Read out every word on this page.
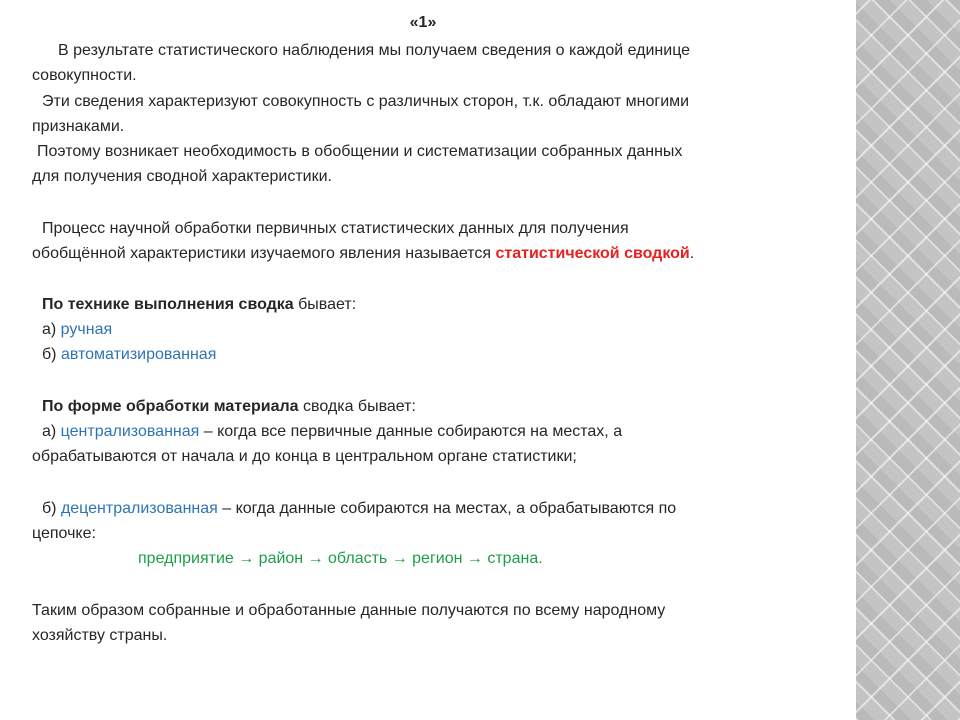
«1»
В результате статистического наблюдения мы получаем сведения о каждой единице
совокупности.
Эти сведения характеризуют совокупность с различных сторон, т.к. обладают многими
признаками.
Поэтому возникает необходимость в обобщении и систематизации собранных данных
для получения сводной характеристики.
Процесс научной обработки первичных статистических данных для получения
обобщённой характеристики изучаемого явления называется статистической сводкой.
По технике выполнения сводка бывает:
а) ручная
б) автоматизированная
По форме обработки материала сводка бывает:
а) централизованная – когда все первичные данные собираются на местах, а
обрабатываются от начала и до конца в центральном органе статистики;
б) децентрализованная – когда данные собираются на местах, а обрабатываются по
цепочке:
предприятие → район → область → регион → страна.
Таким образом собранные и обработанные данные получаются по всему народному
хозяйству страны.
